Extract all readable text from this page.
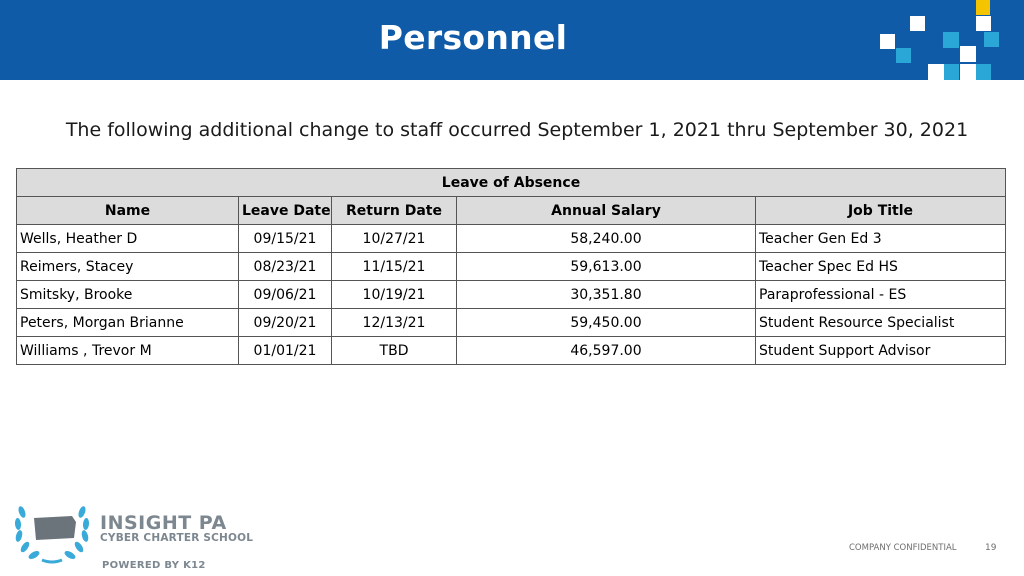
Personnel
The following additional change to staff occurred September 1, 2021 thru September 30, 2021
Leave of Absence				
Name	Leave Date	Return Date	Annual Salary	Job Title
Wells, Heather D	09/15/21	10/27/21	58,240.00	Teacher Gen Ed 3
Reimers, Stacey	08/23/21	11/15/21	59,613.00	Teacher Spec Ed HS
Smitsky, Brooke	09/06/21	10/19/21	30,351.80	Paraprofessional - ES
Peters, Morgan Brianne	09/20/21	12/13/21	59,450.00	Student Resource Specialist
Williams , Trevor M	01/01/21	TBD	46,597.00	Student Support Advisor
INSIGHT PA
CYBER CHARTER SCHOOL
POWERED BY K12
COMPANY CONFIDENTIAL	19
